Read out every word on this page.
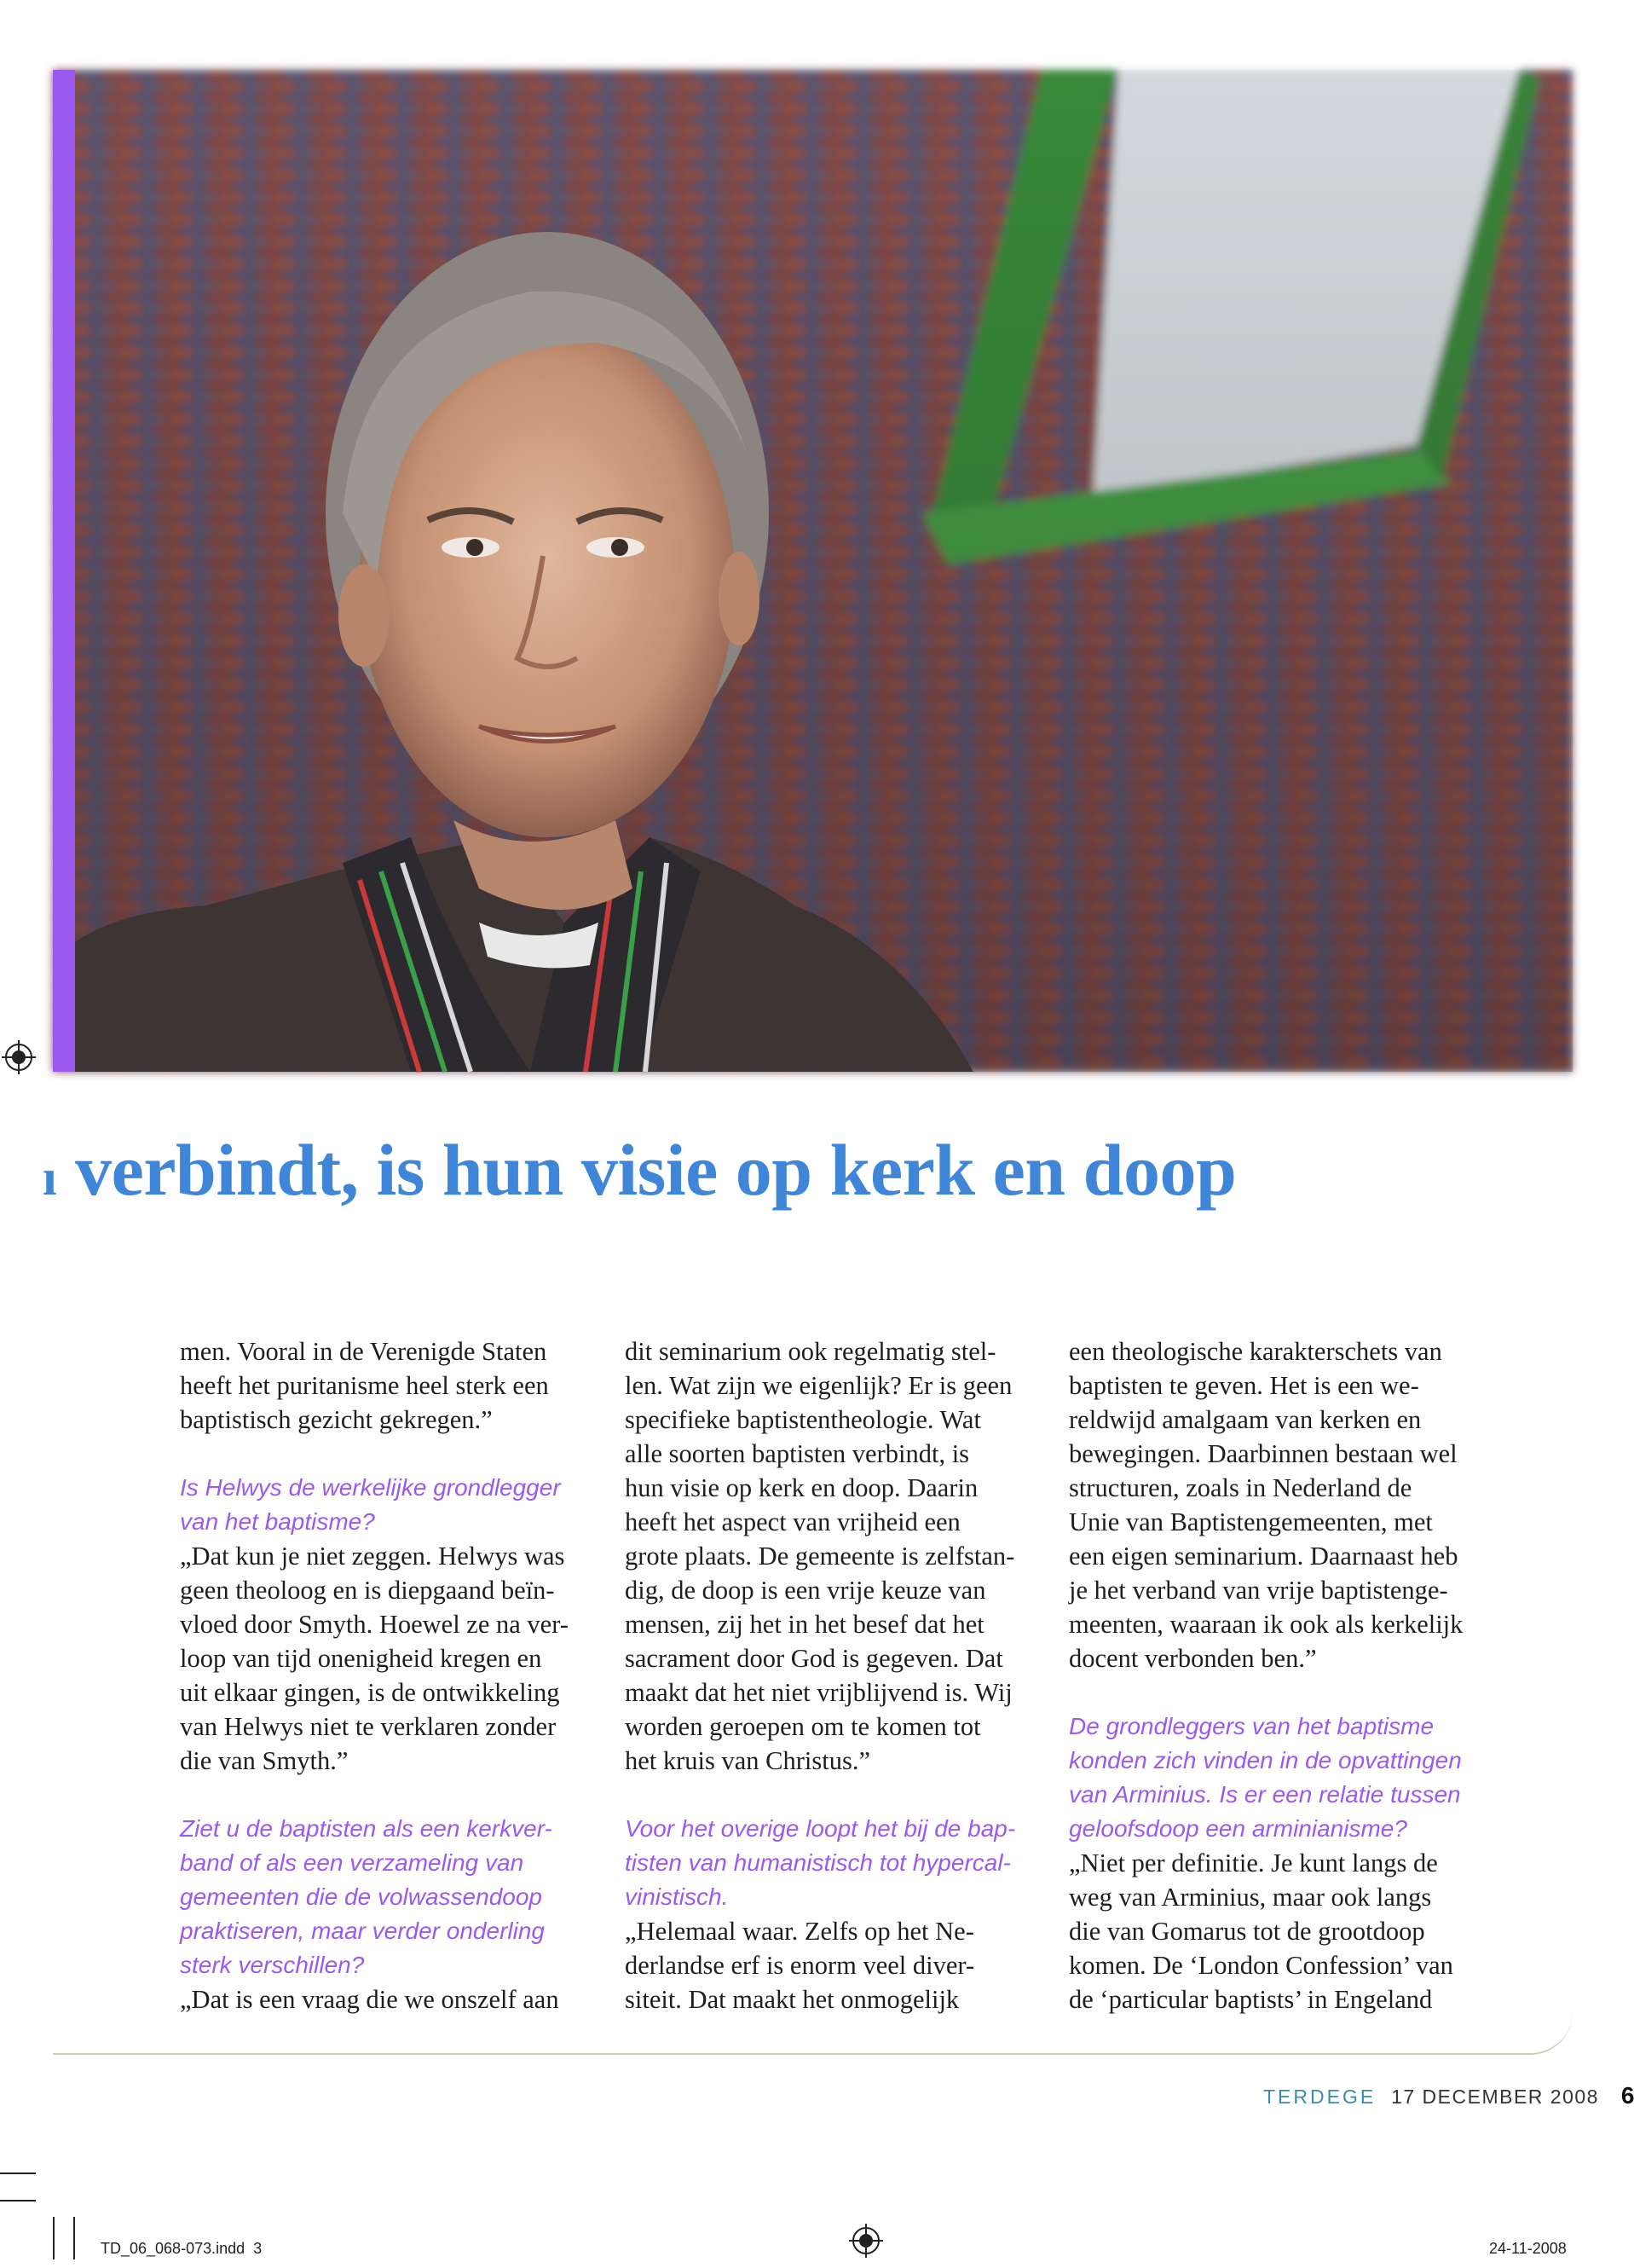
ı verbindt, is hun visie op kerk en doop

men. Vooral in de Verenigde Staten

heeft het puritanisme heel sterk een

baptistisch gezicht gekregen.”

Is Helwys de werkelijke grondlegger

van het baptisme?

„Dat kun je niet zeggen. Helwys was

geen theoloog en is diepgaand beïn-

vloed door Smyth. Hoewel ze na ver-

loop van tijd onenigheid kregen en

uit elkaar gingen, is de ontwikkeling

van Helwys niet te verklaren zonder

die van Smyth.”

Ziet u de baptisten als een kerkver-

band of als een verzameling van

gemeenten die de volwassendoop

praktiseren, maar verder onderling

sterk verschillen?

„Dat is een vraag die we onszelf aan

dit seminarium ook regelmatig stel-

len. Wat zijn we eigenlijk? Er is geen

specifieke baptistentheologie. Wat

alle soorten baptisten verbindt, is

hun visie op kerk en doop. Daarin

heeft het aspect van vrijheid een

grote plaats. De gemeente is zelfstan-

dig, de doop is een vrije keuze van

mensen, zij het in het besef dat het

sacrament door God is gegeven. Dat

maakt dat het niet vrijblijvend is. Wij

worden geroepen om te komen tot

het kruis van Christus.”

Voor het overige loopt het bij de bap-

tisten van humanistisch tot hypercal-

vinistisch.

„Helemaal waar. Zelfs op het Ne-

derlandse erf is enorm veel diver-

siteit. Dat maakt het onmogelijk

een theologische karakterschets van

baptisten te geven. Het is een we-

reldwijd amalgaam van kerken en

bewegingen. Daarbinnen bestaan wel

structuren, zoals in Nederland de

Unie van Baptistengemeenten, met

een eigen seminarium. Daarnaast heb

je het verband van vrije baptistenge-

meenten, waaraan ik ook als kerkelijk

docent verbonden ben.”

De grondleggers van het baptisme

konden zich vinden in de opvattingen

van Arminius. Is er een relatie tussen

geloofsdoop een arminianisme?

„Niet per definitie. Je kunt langs de

weg van Arminius, maar ook langs

die van Gomarus tot de grootdoop

komen. De ‘London Confession’ van

de ‘particular baptists’ in Engeland

TERDEGE 17 DECEMBER 2008 6
TD_06_068-073.indd 3	24-11-2008
